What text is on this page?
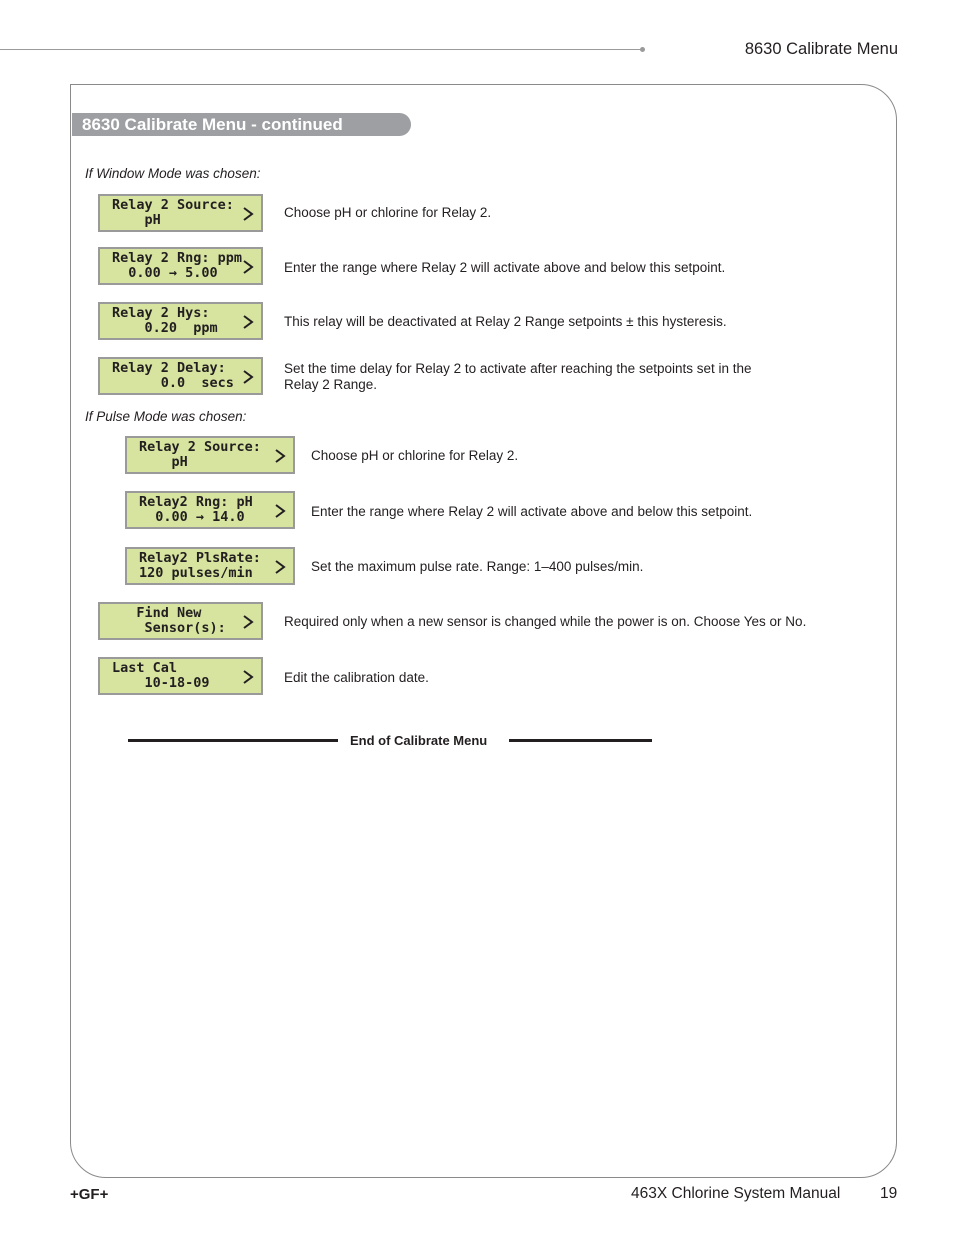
8630 Calibrate Menu
8630 Calibrate Menu - continued
If Window Mode was chosen:
Relay 2 Source:
pH	Choose pH or chlorine for Relay 2.
Relay 2 Rng: ppm
0.00 → 5.00	Enter the range where Relay 2 will activate above and below this setpoint.
Relay 2 Hys:
0.20  ppm	This relay will be deactivated at Relay 2 Range setpoints ± this hysteresis.
Relay 2 Delay:
0.0  secs
Set the time delay for Relay 2 to activate after reaching the setpoints set in the Relay 2 Range.
If Pulse Mode was chosen:
Relay 2 Source:
pH	Choose pH or chlorine for Relay 2.
Relay2 Rng: pH
0.00 → 14.0	Enter the range where Relay 2 will activate above and below this setpoint.
Relay2 PlsRate:
120 pulses/min	Set the maximum pulse rate. Range: 1–400 pulses/min.
Find New
Sensor(s):	Required only when a new sensor is changed while the power is on. Choose Yes or No.
Last Cal
10-18-09	Edit the calibration date.
End of Calibrate Menu
+GF+	463X Chlorine System Manual	19
